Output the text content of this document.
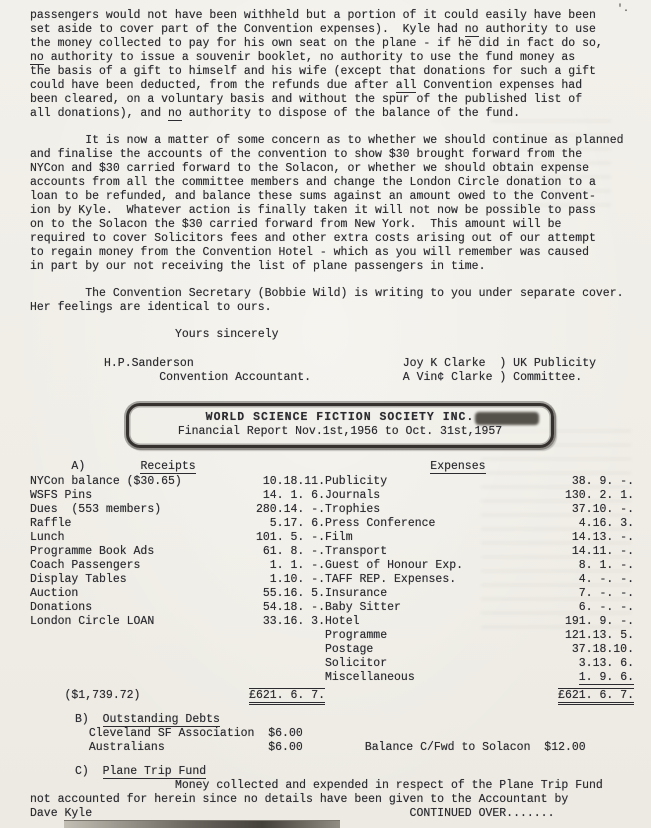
'.
passengers would not have been withheld but a portion of it could easily have been
set aside to cover part of the Convention expenses).  Kyle had no authority to use
the money collected to pay for his own seat on the plane - if he did in fact do so,
no authority to issue a souvenir booklet, no authority to use the fund money as
the basis of a gift to himself and his wife (except that donations for such a gift
could have been deducted, from the refunds due after all Convention expenses had
been cleared, on a voluntary basis and without the spur of the published list of
all donations), and no authority to dispose of the balance of the fund.
It is now a matter of some concern as to whether we should continue as planned
and finalise the accounts of the convention to show $30 brought forward from the
NYCon and $30 carried forward to the Solacon, or whether we should obtain expense
accounts from all the committee members and change the London Circle donation to a
loan to be refunded, and balance these sums against an amount owed to the Convent-
ion by Kyle.  Whatever action is finally taken it will not now be possible to pass
on to the Solacon the $30 carried forward from New York.  This amount will be
required to cover Solicitors fees and other extra costs arising out of our attempt
to regain money from the Convention Hotel - which as you will remember was caused
in part by our not receiving the list of plane passengers in time.
The Convention Secretary (Bobbie Wild) is writing to you under separate cover.
Her feelings are identical to ours.
Yours sincerely
H.P.Sanderson
Convention Accountant.
Joy K Clarke  ) UK Publicity
A Vin¢ Clarke ) Committee.
WORLD SCIENCE FICTION SOCIETY INC.
Financial Report Nov.1st,1956 to Oct. 31st,1957
A)        Receipts	Expenses
NYCon balance ($30.65)	10.18.11.	Publicity	38. 9. -.
WSFS Pins	14. 1. 6.	Journals	130. 2. 1.
Dues  (553 members)	280.14. -.	Trophies	37.10. -.
Raffle	5.17. 6.	Press Conference	4.16. 3.
Lunch	101. 5. -.	Film	14.13. -.
Programme Book Ads	61. 8. -.	Transport	14.11. -.
Coach Passengers	1. 1. -.	Guest of Honour Exp.	8. 1. -.
Display Tables	1.10. -.	TAFF REP. Expenses.	4. -. -.
Auction	55.16. 5.	Insurance	7. -. -.
Donations	54.18. -.	Baby Sitter	6. -. -.
London Circle LOAN	33.16. 3.	Hotel	191. 9. -.
		Programme	121.13. 5.
		Postage	37.18.10.
		Solicitor	3.13. 6.
		Miscellaneous	1. 9. 6.
($1,739.72)	£621. 6. 7.		£621. 6. 7.
B)  Outstanding Debts
Cleveland SF Association  $6.00
Australians               $6.00         Balance C/Fwd to Solacon  $12.00
C)  Plane Trip Fund
Money collected and expended in respect of the Plane Trip Fund
not accounted for herein since no details have been given to the Accountant by
Dave Kyle                                              CONTINUED OVER.......
